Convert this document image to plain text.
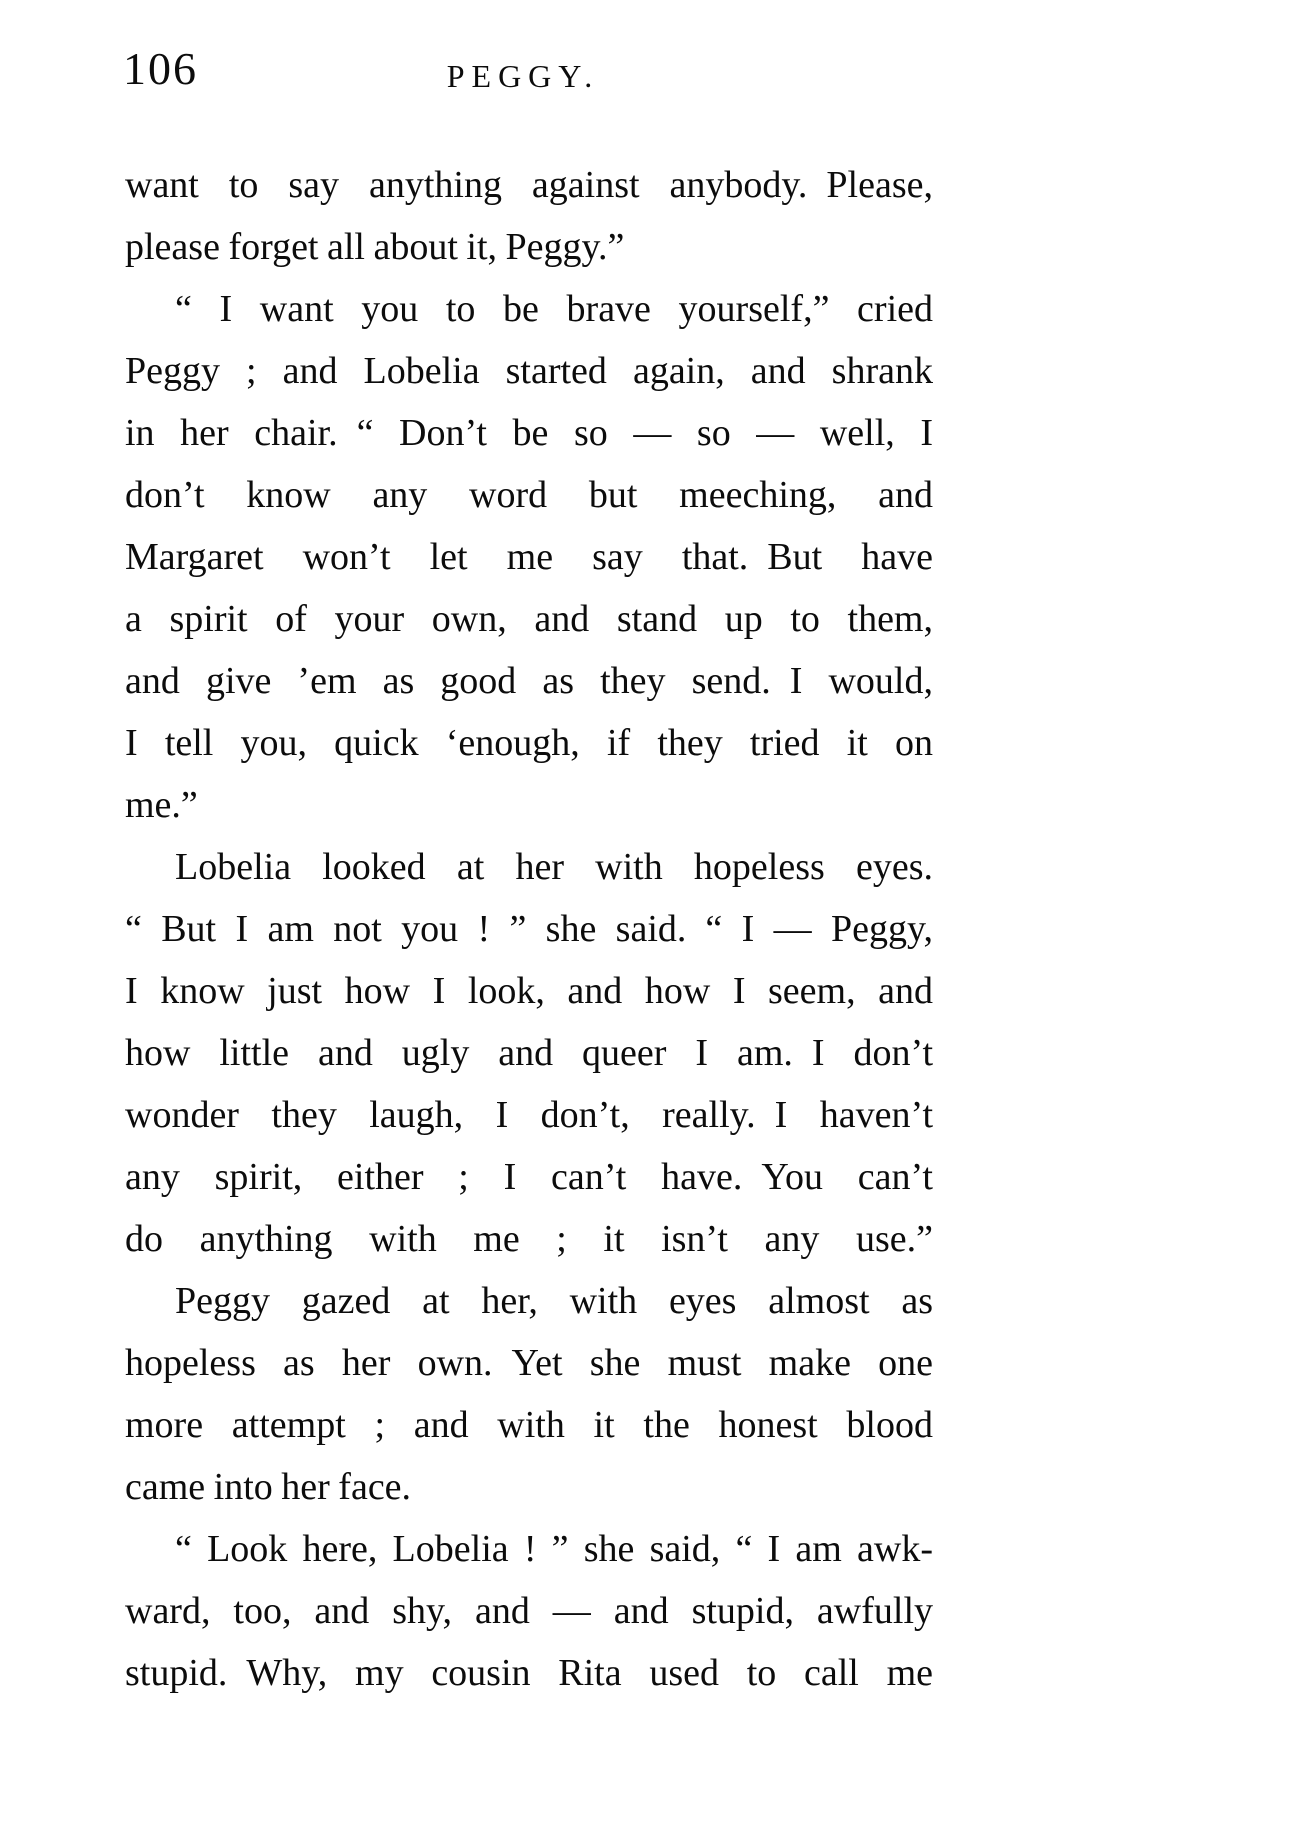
106	PEGGY.
want to say anything against anybody. Please,
please forget all about it, Peggy.”
“ I want you to be brave yourself,” cried
Peggy ; and Lobelia started again, and shrank
in her chair. “ Don’t be so — so — well, I
don’t know any word but meeching, and
Margaret won’t let me say that. But have
a spirit of your own, and stand up to them,
and give ’em as good as they send. I would,
I tell you, quick ‘enough, if they tried it on
me.”
Lobelia looked at her with hopeless eyes.
“ But I am not you ! ” she said. “ I — Peggy,
I know just how I look, and how I seem, and
how little and ugly and queer I am. I don’t
wonder they laugh, I don’t, really. I haven’t
any spirit, either ; I can’t have. You can’t
do anything with me ; it isn’t any use.”
Peggy gazed at her, with eyes almost as
hopeless as her own. Yet she must make one
more attempt ; and with it the honest blood
came into her face.
“ Look here, Lobelia ! ” she said, “ I am awk-
ward, too, and shy, and — and stupid, awfully
stupid. Why, my cousin Rita used to call me
